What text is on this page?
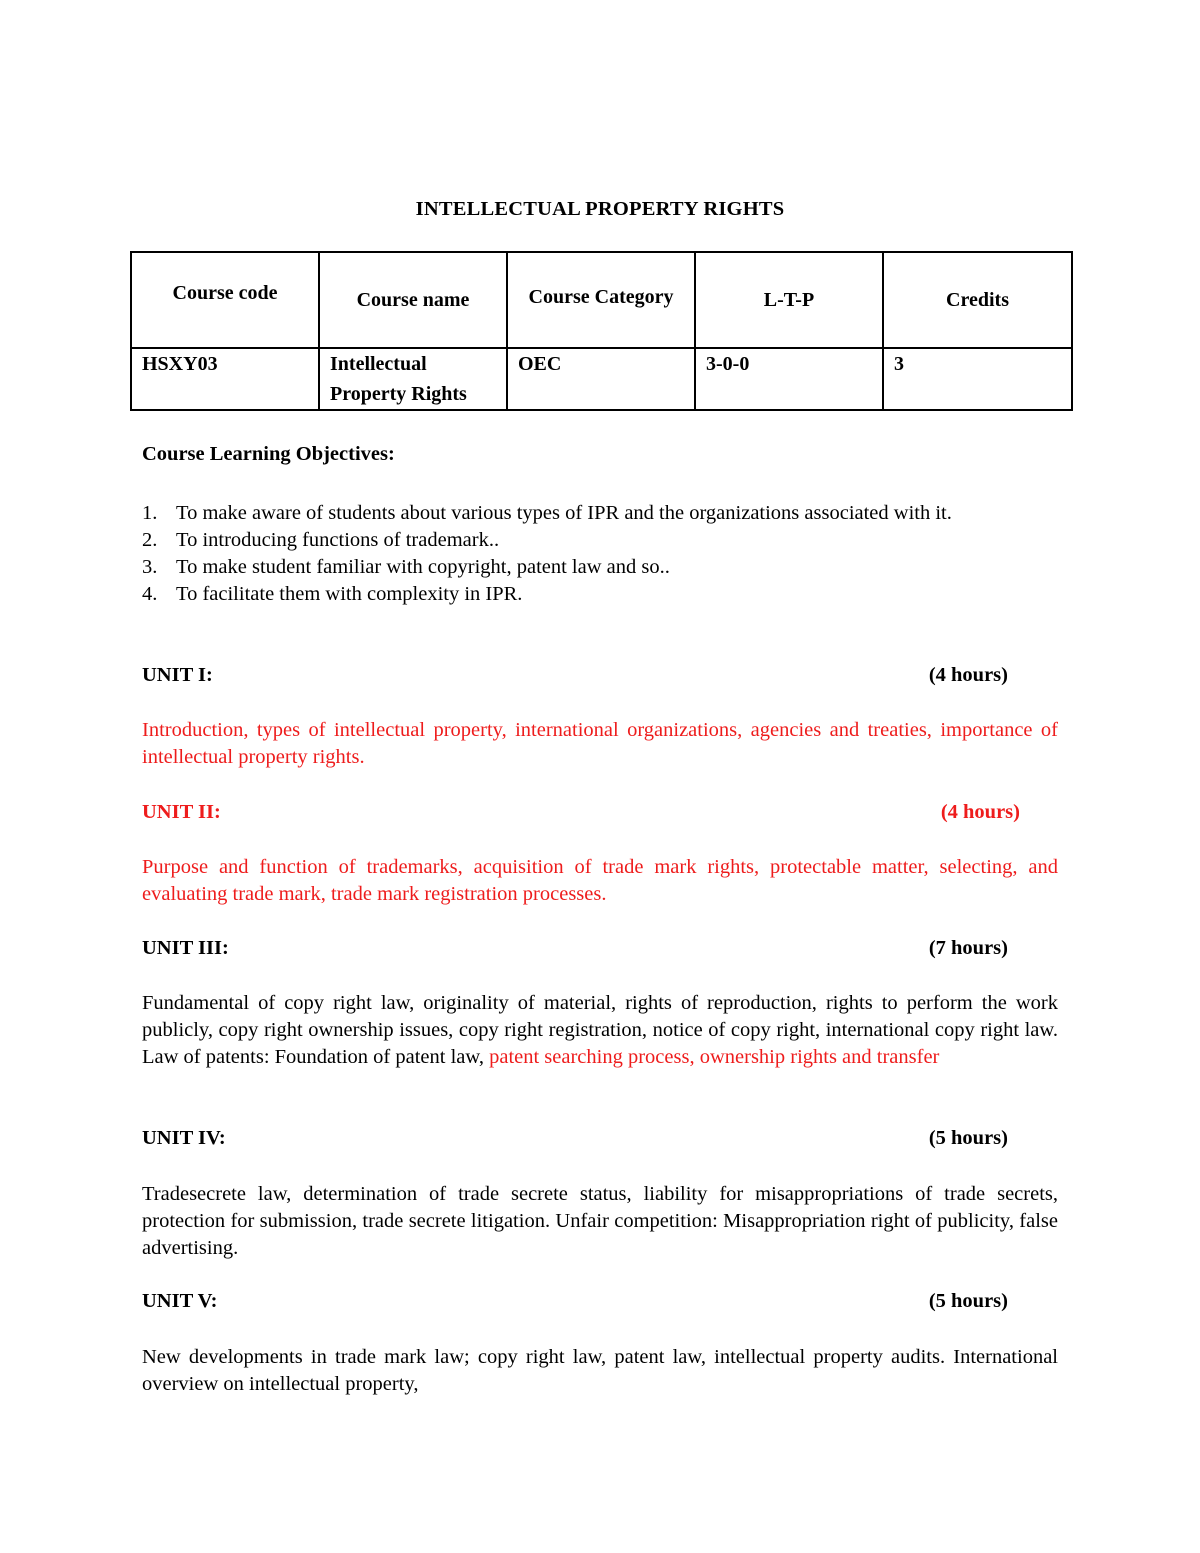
INTELLECTUAL PROPERTY RIGHTS
Course code	Course name	Course Category	L-T-P	Credits
HSXY03	Intellectual Property Rights	OEC	3-0-0	3
Course Learning Objectives:
1. To make aware of students about various types of IPR and the organizations associated with it.
2. To introducing functions of trademark..
3. To make student familiar with copyright, patent law and so..
4. To facilitate them with complexity in IPR.
UNIT I:	(4 hours)
Introduction, types of intellectual property, international organizations, agencies and treaties, importance of intellectual property rights.
UNIT II:	(4 hours)
Purpose and function of trademarks, acquisition of trade mark rights, protectable matter, selecting, and evaluating trade mark, trade mark registration processes.
UNIT III:	(7 hours)
Fundamental of copy right law, originality of material, rights of reproduction, rights to perform the work publicly, copy right ownership issues, copy right registration, notice of copy right, international copy right law. Law of patents: Foundation of patent law, patent searching process, ownership rights and transfer
UNIT IV:	(5 hours)
Tradesecrete law, determination of trade secrete status, liability for misappropriations of trade secrets, protection for submission, trade secrete litigation. Unfair competition: Misappropriation right of publicity, false advertising.
UNIT V:	(5 hours)
New developments in trade mark law; copy right law, patent law, intellectual property audits. International overview on intellectual property,
